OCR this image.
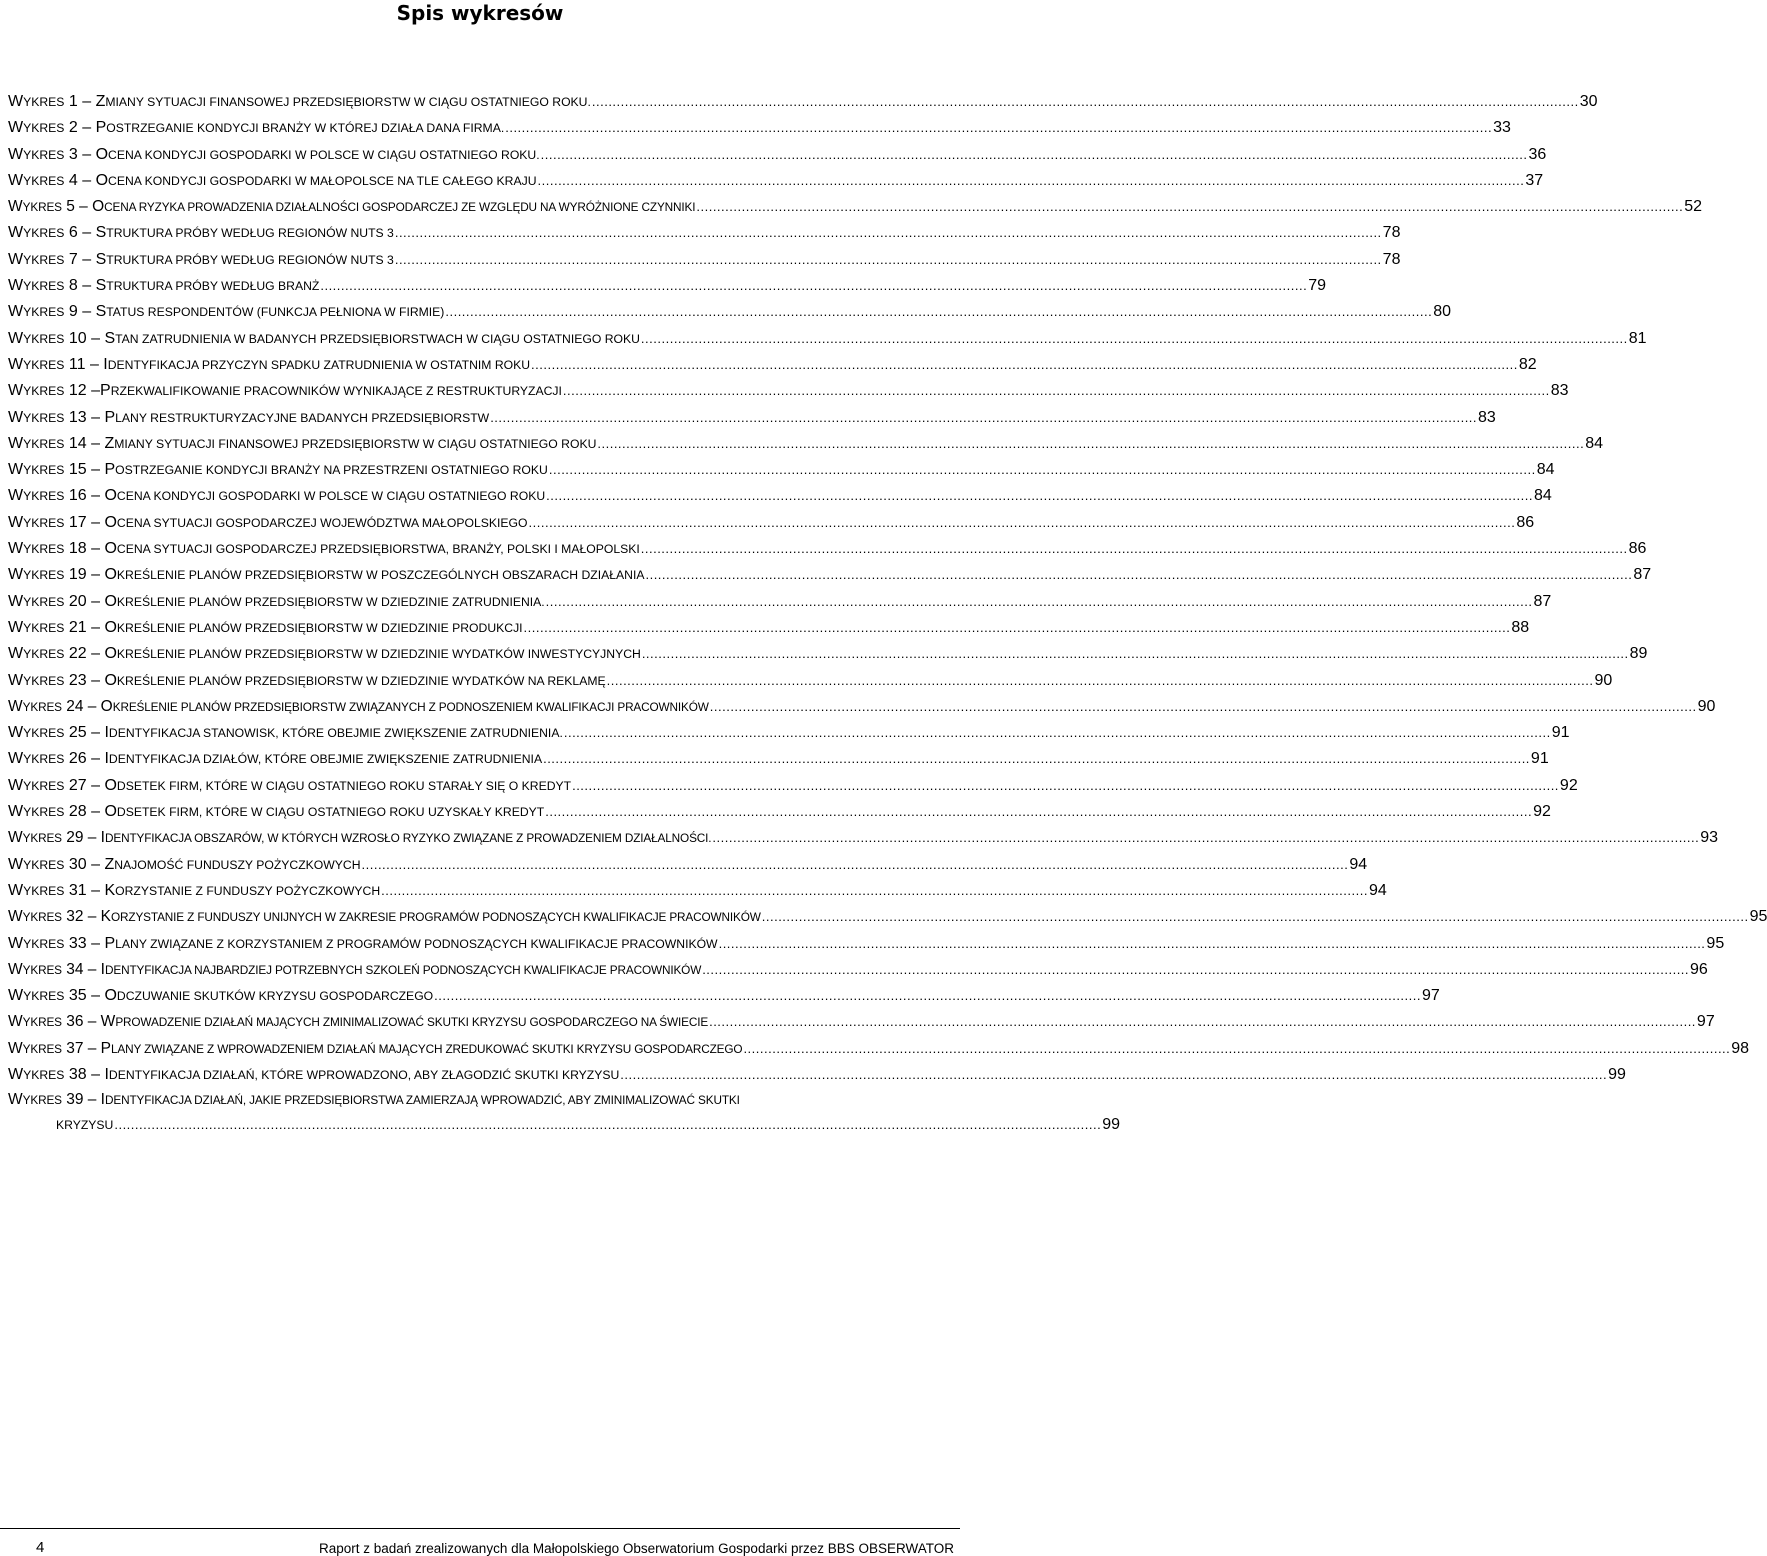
Spis wykresów
WYKRES 1 – ZMIANY SYTUACJI FINANSOWEJ PRZEDSIĘBIORSTW W CIĄGU OSTATNIEGO ROKU. .....	30
WYKRES 2 – POSTRZEGANIE KONDYCJI BRANŻY W KTÓREJ DZIAŁA DANA FIRMA. .....	33
WYKRES 3 – OCENA KONDYCJI GOSPODARKI W POLSCE W CIĄGU OSTATNIEGO ROKU. .....	36
WYKRES 4 – OCENA KONDYCJI GOSPODARKI W MAŁOPOLSCE NA TLE CAŁEGO KRAJU .....	37
WYKRES 5 – OCENA RYZYKA PROWADZENIA DZIAŁALNOŚCI GOSPODARCZEJ ZE WZGLĘDU NA WYRÓŻNIONE CZYNNIKI .....	52
WYKRES 6 – STRUKTURA PRÓBY WEDŁUG REGIONÓW NUTS 3 .....	78
WYKRES 7 – STRUKTURA PRÓBY WEDŁUG REGIONÓW NUTS 3 .....	78
WYKRES 8 – STRUKTURA PRÓBY WEDŁUG BRANŻ .....	79
WYKRES 9 – STATUS RESPONDENTÓW (FUNKCJA PEŁNIONA W FIRMIE) .....	80
WYKRES 10 – STAN ZATRUDNIENIA W BADANYCH PRZEDSIĘBIORSTWACH W CIĄGU OSTATNIEGO ROKU .....	81
WYKRES 11 – IDENTYFIKACJA PRZYCZYN SPADKU ZATRUDNIENIA W OSTATNIM ROKU .....	82
WYKRES 12 –PRZEKWALIFIKOWANIE PRACOWNIKÓW WYNIKAJĄCE Z RESTRUKTURYZACJI .....	83
WYKRES 13 – PLANY RESTRUKTURYZACYJNE BADANYCH PRZEDSIĘBIORSTW .....	83
WYKRES 14 – ZMIANY SYTUACJI FINANSOWEJ PRZEDSIĘBIORSTW W CIĄGU OSTATNIEGO ROKU .....	84
WYKRES 15 – POSTRZEGANIE KONDYCJI BRANŻY NA PRZESTRZENI OSTATNIEGO ROKU .....	84
WYKRES 16 – OCENA KONDYCJI GOSPODARKI W POLSCE W CIĄGU OSTATNIEGO ROKU .....	84
WYKRES 17 – OCENA SYTUACJI GOSPODARCZEJ WOJEWÓDZTWA MAŁOPOLSKIEGO .....	86
WYKRES 18 – OCENA SYTUACJI GOSPODARCZEJ PRZEDSIĘBIORSTWA, BRANŻY, POLSKI I MAŁOPOLSKI .....	86
WYKRES 19 – OKREŚLENIE PLANÓW PRZEDSIĘBIORSTW W POSZCZEGÓLNYCH OBSZARACH DZIAŁANIA .....	87
WYKRES 20 – OKREŚLENIE PLANÓW PRZEDSIĘBIORSTW W DZIEDZINIE ZATRUDNIENIA. .....	87
WYKRES 21 – OKREŚLENIE PLANÓW PRZEDSIĘBIORSTW W DZIEDZINIE PRODUKCJI .....	88
WYKRES 22 – OKREŚLENIE PLANÓW PRZEDSIĘBIORSTW W DZIEDZINIE WYDATKÓW INWESTYCYJNYCH .....	89
WYKRES 23 – OKREŚLENIE PLANÓW PRZEDSIĘBIORSTW W DZIEDZINIE WYDATKÓW NA REKLAMĘ .....	90
WYKRES 24 – OKREŚLENIE PLANÓW PRZEDSIĘBIORSTW ZWIĄZANYCH Z PODNOSZENIEM KWALIFIKACJI PRACOWNIKÓW .....	90
WYKRES 25 – IDENTYFIKACJA STANOWISK, KTÓRE OBEJMIE ZWIĘKSZENIE ZATRUDNIENIA. .....	91
WYKRES 26 – IDENTYFIKACJA DZIAŁÓW, KTÓRE OBEJMIE ZWIĘKSZENIE ZATRUDNIENIA .....	91
WYKRES 27 – ODSETEK FIRM, KTÓRE W CIĄGU OSTATNIEGO ROKU STARAŁY SIĘ O KREDYT .....	92
WYKRES 28 – ODSETEK FIRM, KTÓRE W CIĄGU OSTATNIEGO ROKU UZYSKAŁY KREDYT .....	92
WYKRES 29 – IDENTYFIKACJA OBSZARÓW, W KTÓRYCH WZROSŁO RYZYKO ZWIĄZANE Z PROWADZENIEM DZIAŁALNOŚCI. .....	93
WYKRES 30 – ZNAJOMOŚĆ FUNDUSZY POŻYCZKOWYCH .....	94
WYKRES 31 – KORZYSTANIE Z FUNDUSZY POŻYCZKOWYCH .....	94
WYKRES 32 – KORZYSTANIE Z FUNDUSZY UNIJNYCH W ZAKRESIE PROGRAMÓW PODNOSZĄCYCH KWALIFIKACJE PRACOWNIKÓW .....	95
WYKRES 33 – PLANY ZWIĄZANE Z KORZYSTANIEM Z PROGRAMÓW PODNOSZĄCYCH KWALIFIKACJE PRACOWNIKÓW .....	95
WYKRES 34 – IDENTYFIKACJA NAJBARDZIEJ POTRZEBNYCH SZKOLEŃ PODNOSZĄCYCH KWALIFIKACJE PRACOWNIKÓW .....	96
WYKRES 35 – ODCZUWANIE SKUTKÓW KRYZYSU GOSPODARCZEGO .....	97
WYKRES 36 – WPROWADZENIE DZIAŁAŃ MAJĄCYCH ZMINIMALIZOWAĆ SKUTKI KRYZYSU GOSPODARCZEGO NA ŚWIECIE .....	97
WYKRES 37 – PLANY ZWIĄZANE Z WPROWADZENIEM DZIAŁAŃ MAJĄCYCH ZREDUKOWAĆ SKUTKI KRYZYSU GOSPODARCZEGO .....	98
WYKRES 38 – IDENTYFIKACJA DZIAŁAŃ, KTÓRE WPROWADZONO, ABY ZŁAGODZIĆ SKUTKI KRYZYSU .....	99
WYKRES 39 – IDENTYFIKACJA DZIAŁAŃ, JAKIE PRZEDSIĘBIORSTWA ZAMIERZAJĄ WPROWADZIĆ, ABY ZMINIMALIZOWAĆ SKUTKI
KRYZYSU .....	99
4	Raport z badań zrealizowanych dla Małopolskiego Obserwatorium Gospodarki przez BBS OBSERWATOR
